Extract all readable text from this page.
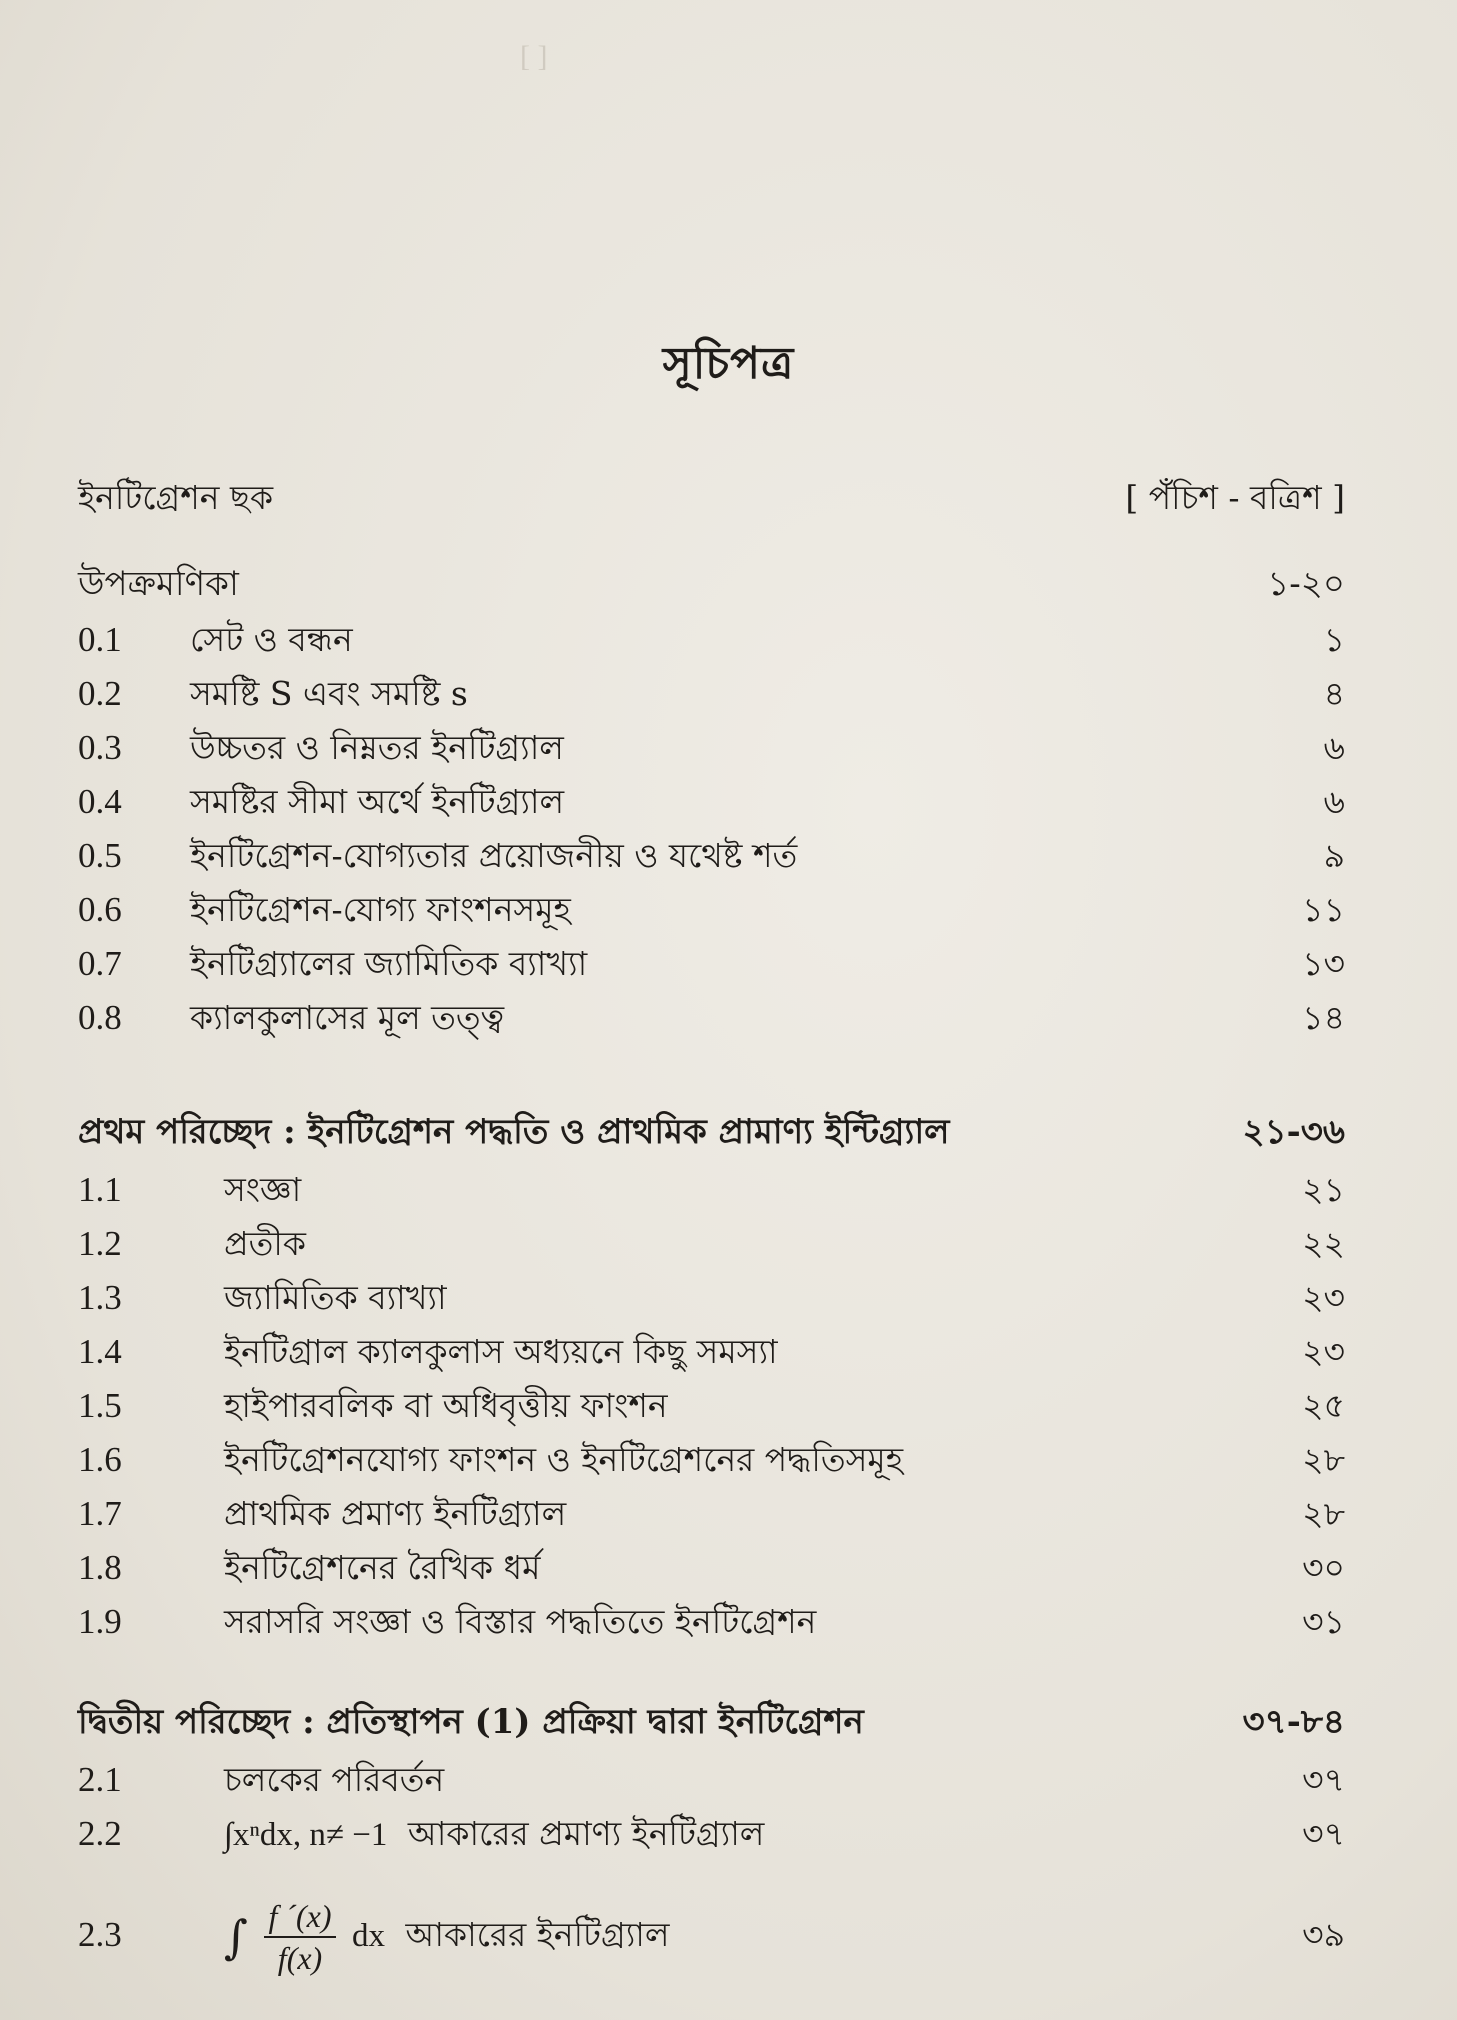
[ ]
সূচিপত্র
ইনটিগ্রেশন ছক	[ পঁচিশ - বত্রিশ ]
উপক্রমণিকা	১-২০
0.1 সেট ও বন্ধন	১
0.2 সমষ্টি S এবং সমষ্টি s	৪
0.3 উচ্চতর ও নিম্নতর ইনটিগ্র্যাল	৬
0.4 সমষ্টির সীমা অর্থে ইনটিগ্র্যাল	৬
0.5 ইনটিগ্রেশন-যোগ্যতার প্রয়োজনীয় ও যথেষ্ট শর্ত	৯
0.6 ইনটিগ্রেশন-যোগ্য ফাংশনসমূহ	১১
0.7 ইনটিগ্র্যালের জ্যামিতিক ব্যাখ্যা	১৩
0.8 ক্যালকুলাসের মূল তত্ত্ব	১৪
প্রথম পরিচ্ছেদ : ইনটিগ্রেশন পদ্ধতি ও প্রাথমিক প্রামাণ্য ইন্টিগ্র্যাল	২১-৩৬
1.1	সংজ্ঞা	২১
1.2	প্রতীক	২২
1.3	জ্যামিতিক ব্যাখ্যা	২৩
1.4	ইনটিগ্রাল ক্যালকুলাস অধ্যয়নে কিছু সমস্যা	২৩
1.5	হাইপারবলিক বা অধিবৃত্তীয় ফাংশন	২৫
1.6	ইনটিগ্রেশনযোগ্য ফাংশন ও ইনটিগ্রেশনের পদ্ধতিসমূহ	২৮
1.7	প্রাথমিক প্রমাণ্য ইনটিগ্র্যাল	২৮
1.8	ইনটিগ্রেশনের রৈখিক ধর্ম	৩০
1.9	সরাসরি সংজ্ঞা ও বিস্তার পদ্ধতিতে ইনটিগ্রেশন	৩১
দ্বিতীয় পরিচ্ছেদ : প্রতিস্থাপন (1) প্রক্রিয়া দ্বারা ইনটিগ্রেশন	৩৭-৮৪
2.1	চলকের পরিবর্তন	৩৭
2.2	∫xⁿdx, n≠ −1 আকারের প্রমাণ্য ইনটিগ্র্যাল	৩৭
2.3 ∫ $\frac{f ´(x)}{f(x)}$ dx আকারের ইনটিগ্র্যাল	৩৯
